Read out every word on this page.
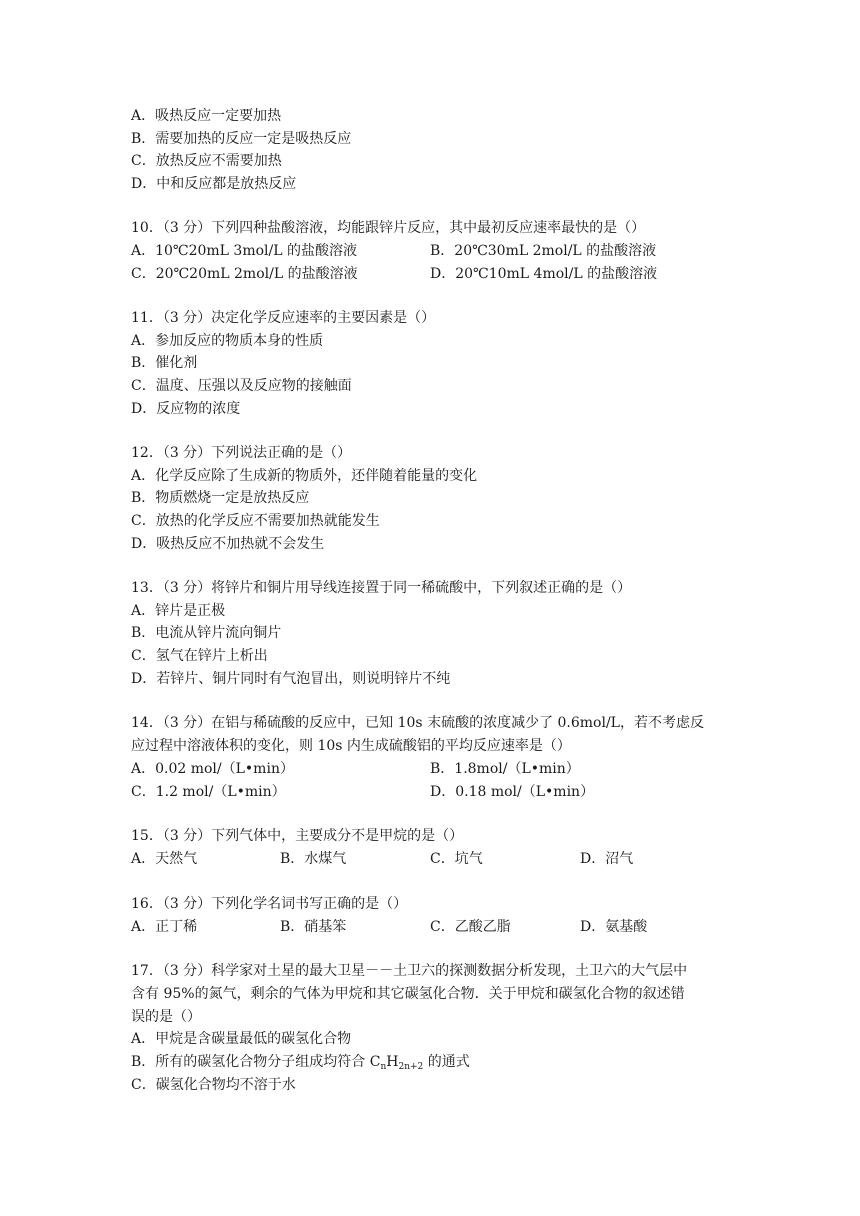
A．吸热反应一定要加热
B．需要加热的反应一定是吸热反应
C．放热反应不需要加热
D．中和反应都是放热反应
10．（3 分）下列四种盐酸溶液，均能跟锌片反应，其中最初反应速率最快的是（）
A．10℃20mL 3mol/L 的盐酸溶液	B．20℃30mL 2mol/L 的盐酸溶液
C．20℃20mL 2mol/L 的盐酸溶液	D．20℃10mL 4mol/L 的盐酸溶液
11．（3 分）决定化学反应速率的主要因素是（）
A．参加反应的物质本身的性质
B．催化剂
C．温度、压强以及反应物的接触面
D．反应物的浓度
12．（3 分）下列说法正确的是（）
A．化学反应除了生成新的物质外，还伴随着能量的变化
B．物质燃烧一定是放热反应
C．放热的化学反应不需要加热就能发生
D．吸热反应不加热就不会发生
13．（3 分）将锌片和铜片用导线连接置于同一稀硫酸中，下列叙述正确的是（）
A．锌片是正极
B．电流从锌片流向铜片
C．氢气在锌片上析出
D．若锌片、铜片同时有气泡冒出，则说明锌片不纯
14．（3 分）在铝与稀硫酸的反应中，已知 10s 末硫酸的浓度减少了 0.6mol/L，若不考虑反
应过程中溶液体积的变化，则 10s 内生成硫酸铝的平均反应速率是（）
A．0.02 mol/（L•min）	B．1.8mol/（L•min）
C．1.2 mol/（L•min）	D．0.18 mol/（L•min）
15．（3 分）下列气体中，主要成分不是甲烷的是（）
A．天然气	B．水煤气	C．坑气	D．沼气
16．（3 分）下列化学名词书写正确的是（）
A．正丁稀	B．硝基笨	C．乙酸乙脂	D．氨基酸
17．（3 分）科学家对土星的最大卫星－－土卫六的探测数据分析发现，土卫六的大气层中
含有 95%的氮气，剩余的气体为甲烷和其它碳氢化合物．关于甲烷和碳氢化合物的叙述错
误的是（）
A．甲烷是含碳量最低的碳氢化合物
B．所有的碳氢化合物分子组成均符合 $C_nH_{2n+2}$ 的通式
C．碳氢化合物均不溶于水
